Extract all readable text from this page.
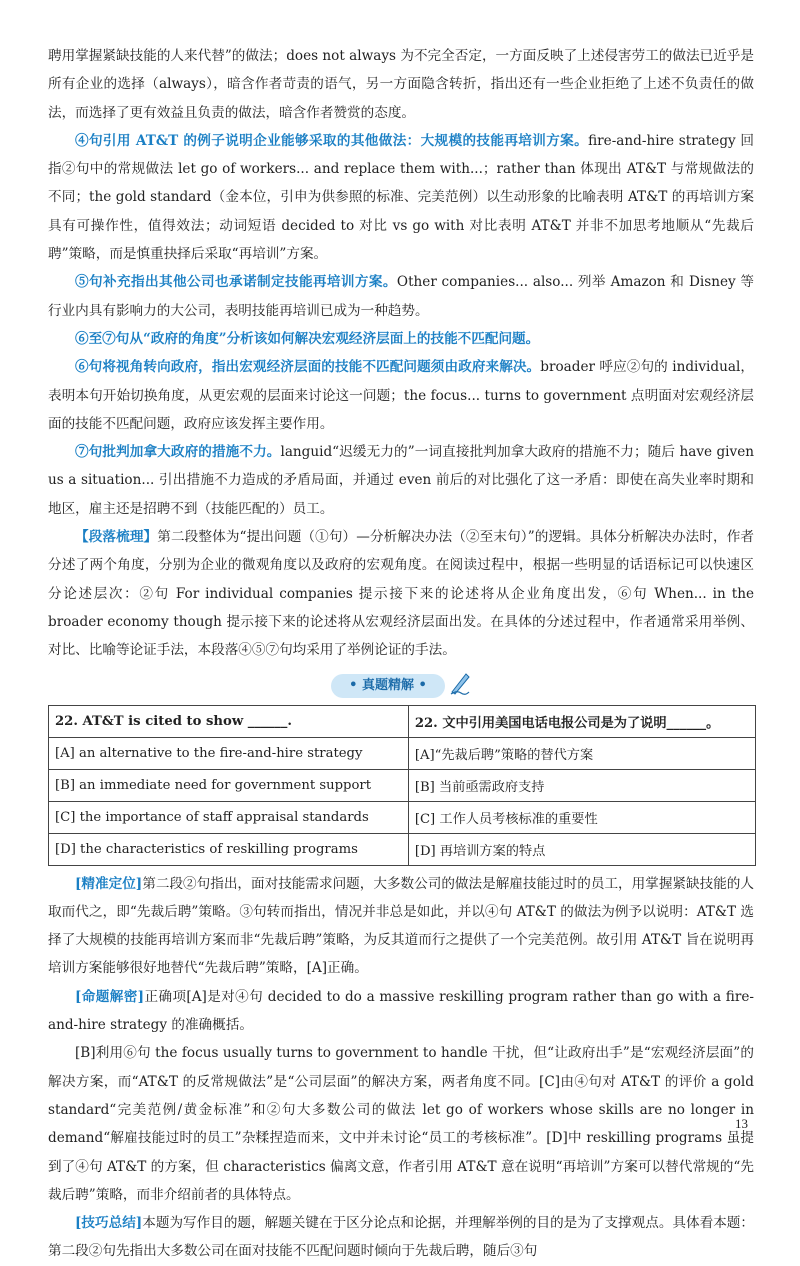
聘用掌握紧缺技能的人来代替”的做法；does not always 为不完全否定，一方面反映了上述侵害劳工的做法已近乎是所有企业的选择（always），暗含作者苛责的语气，另一方面隐含转折，指出还有一些企业拒绝了上述不负责任的做法，而选择了更有效益且负责的做法，暗含作者赞赏的态度。

④句引用 AT&T 的例子说明企业能够采取的其他做法：大规模的技能再培训方案。fire-and-hire strategy 回指②句中的常规做法 let go of workers... and replace them with...；rather than 体现出 AT&T 与常规做法的不同；the gold standard（金本位，引申为供参照的标准、完美范例）以生动形象的比喻表明 AT&T 的再培训方案具有可操作性，值得效法；动词短语 decided to 对比 vs go with 对比表明 AT&T 并非不加思考地顺从“先裁后聘”策略，而是慎重抉择后采取“再培训”方案。

⑤句补充指出其他公司也承诺制定技能再培训方案。Other companies... also... 列举 Amazon 和 Disney 等行业内具有影响力的大公司，表明技能再培训已成为一种趋势。

⑥至⑦句从“政府的角度”分析该如何解决宏观经济层面上的技能不匹配问题。

⑥句将视角转向政府，指出宏观经济层面的技能不匹配问题须由政府来解决。broader 呼应②句的 individual，表明本句开始切换角度，从更宏观的层面来讨论这一问题；the focus... turns to government 点明面对宏观经济层面的技能不匹配问题，政府应该发挥主要作用。

⑦句批判加拿大政府的措施不力。languid“迟缓无力的”一词直接批判加拿大政府的措施不力；随后 have given us a situation... 引出措施不力造成的矛盾局面，并通过 even 前后的对比强化了这一矛盾：即使在高失业率时期和地区，雇主还是招聘不到（技能匹配的）员工。

【段落梳理】第二段整体为“提出问题（①句）—分析解决办法（②至末句）”的逻辑。具体分析解决办法时，作者分述了两个角度，分别为企业的微观角度以及政府的宏观角度。在阅读过程中，根据一些明显的话语标记可以快速区分论述层次：②句 For individual companies 提示接下来的论述将从企业角度出发，⑥句 When... in the broader economy though 提示接下来的论述将从宏观经济层面出发。在具体的分述过程中，作者通常采用举例、对比、比喻等论证手法，本段落④⑤⑦句均采用了举例论证的手法。

• 真题精解 •
22. AT&T is cited to show ______.	22. 文中引用美国电话电报公司是为了说明______。
[A] an alternative to the fire-and-hire strategy	[A]“先裁后聘”策略的替代方案
[B] an immediate need for government support	[B] 当前亟需政府支持
[C] the importance of staff appraisal standards	[C] 工作人员考核标准的重要性
[D] the characteristics of reskilling programs	[D] 再培训方案的特点

[精准定位]第二段②句指出，面对技能需求问题，大多数公司的做法是解雇技能过时的员工，用掌握紧缺技能的人取而代之，即“先裁后聘”策略。③句转而指出，情况并非总是如此，并以④句 AT&T 的做法为例予以说明：AT&T 选择了大规模的技能再培训方案而非“先裁后聘”策略，为反其道而行之提供了一个完美范例。故引用 AT&T 旨在说明再培训方案能够很好地替代“先裁后聘”策略，[A]正确。

[命题解密]正确项[A]是对④句 decided to do a massive reskilling program rather than go with a fire-and-hire strategy 的准确概括。

[B]利用⑥句 the focus usually turns to government to handle 干扰，但“让政府出手”是“宏观经济层面”的解决方案，而“AT&T 的反常规做法”是“公司层面”的解决方案，两者角度不同。[C]由④句对 AT&T 的评价 a gold standard“完美范例/黄金标准”和②句大多数公司的做法 let go of workers whose skills are no longer in demand“解雇技能过时的员工”杂糅捏造而来，文中并未讨论“员工的考核标准”。[D]中 reskilling programs 虽提到了④句 AT&T 的方案，但 characteristics 偏离文意，作者引用 AT&T 意在说明“再培训”方案可以替代常规的“先裁后聘”策略，而非介绍前者的具体特点。

[技巧总结]本题为写作目的题，解题关键在于区分论点和论据，并理解举例的目的是为了支撑观点。具体看本题：第二段②句先指出大多数公司在面对技能不匹配问题时倾向于先裁后聘，随后③句

13
